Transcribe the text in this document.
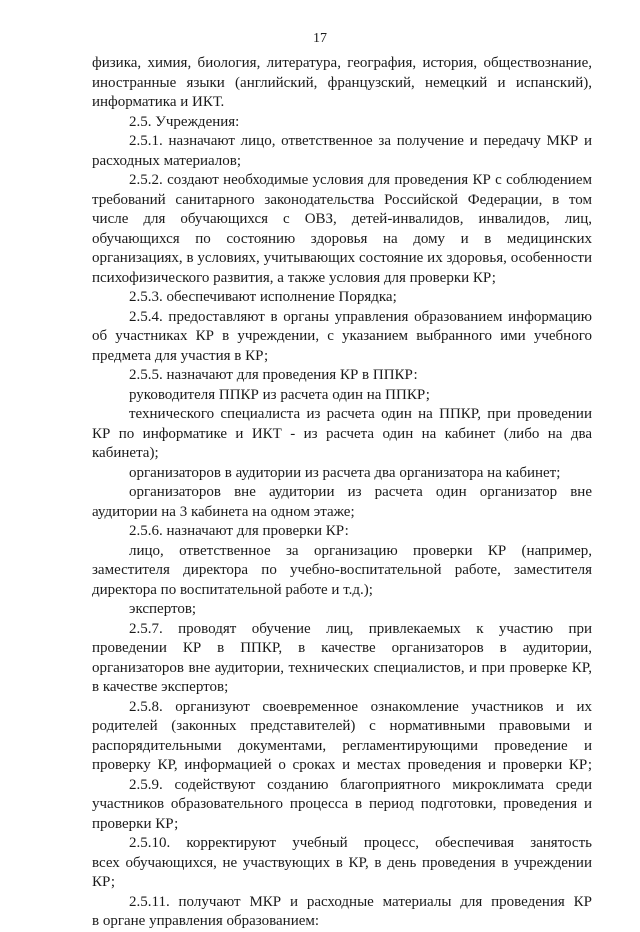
17
физика, химия, биология, литература, география, история, обществознание,
иностранные языки (английский, французский, немецкий и испанский),
информатика и ИКТ.
2.5. Учреждения:
2.5.1. назначают лицо, ответственное за получение и передачу МКР и
расходных материалов;
2.5.2. создают необходимые условия для проведения КР с соблюдением
требований санитарного законодательства Российской Федерации, в том
числе для обучающихся с ОВЗ, детей-инвалидов, инвалидов, лиц,
обучающихся по состоянию здоровья на дому и в медицинских
организациях, в условиях, учитывающих состояние их здоровья, особенности
психофизического развития, а также условия для проверки КР;
2.5.3. обеспечивают исполнение Порядка;
2.5.4. предоставляют в органы управления образованием информацию
об участниках КР в учреждении, с указанием выбранного ими учебного
предмета для участия в КР;
2.5.5. назначают для проведения КР в ППКР:
руководителя ППКР из расчета один на ППКР;
технического специалиста из расчета один на ППКР, при проведении
КР по информатике и ИКТ - из расчета один на кабинет (либо на два
кабинета);
организаторов в аудитории из расчета два организатора на кабинет;
организаторов вне аудитории из расчета один организатор вне
аудитории на 3 кабинета на одном этаже;
2.5.6. назначают для проверки КР:
лицо, ответственное за организацию проверки КР (например,
заместителя директора по учебно-воспитательной работе, заместителя
директора по воспитательной работе и т.д.);
экспертов;
2.5.7. проводят обучение лиц, привлекаемых к участию при
проведении КР в ППКР, в качестве организаторов в аудитории,
организаторов вне аудитории, технических специалистов, и при проверке КР,
в качестве экспертов;
2.5.8. организуют своевременное ознакомление участников и их
родителей (законных представителей) с нормативными правовыми и
распорядительными документами, регламентирующими проведение и
проверку КР, информацией о сроках и местах проведения и проверки КР;
2.5.9. содействуют созданию благоприятного микроклимата среди
участников образовательного процесса в период подготовки, проведения и
проверки КР;
2.5.10. корректируют учебный процесс, обеспечивая занятость
всех обучающихся, не участвующих в КР, в день проведения в учреждении
КР;
2.5.11. получают МКР и расходные материалы для проведения КР
в органе управления образованием:
